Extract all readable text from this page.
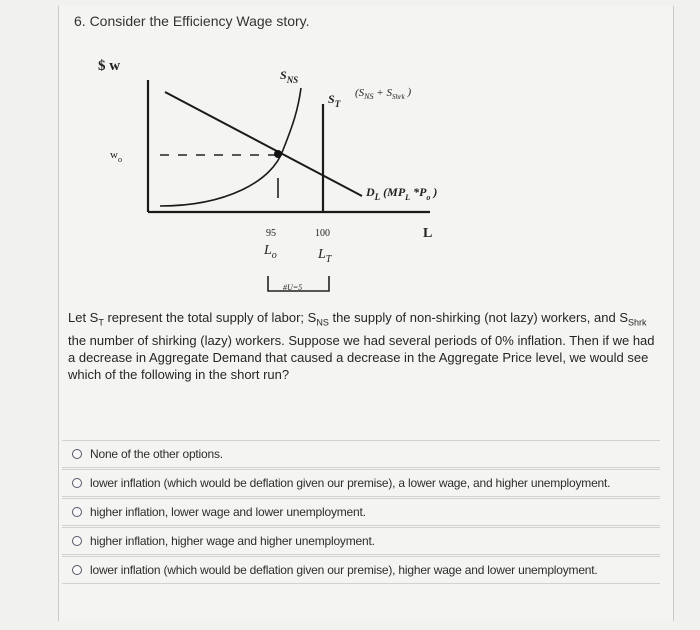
6. Consider the Efficiency Wage story.
$ w
$w_o$
$S_{NS}$
$S_T$
($S_{NS} + S_{Shrk}$ )
$D_L$ ($MP_L$ $*P_o$ )
L
95	100
$L_o$	$L_T$
#U=5
Let $S_T$ represent the total supply of labor; $S_{NS}$ the supply of non-shirking (not lazy) workers, and $S_{Shrk}$ the number of shirking (lazy) workers. Suppose we had several periods of 0% inflation. Then if we had a decrease in Aggregate Demand that caused a decrease in the Aggregate Price level, we would see which of the following in the short run?
None of the other options.
lower inflation (which would be deflation given our premise), a lower wage, and higher unemployment.
higher inflation, lower wage and lower unemployment.
higher inflation, higher wage and higher unemployment.
lower inflation (which would be deflation given our premise), higher wage and lower unemployment.
